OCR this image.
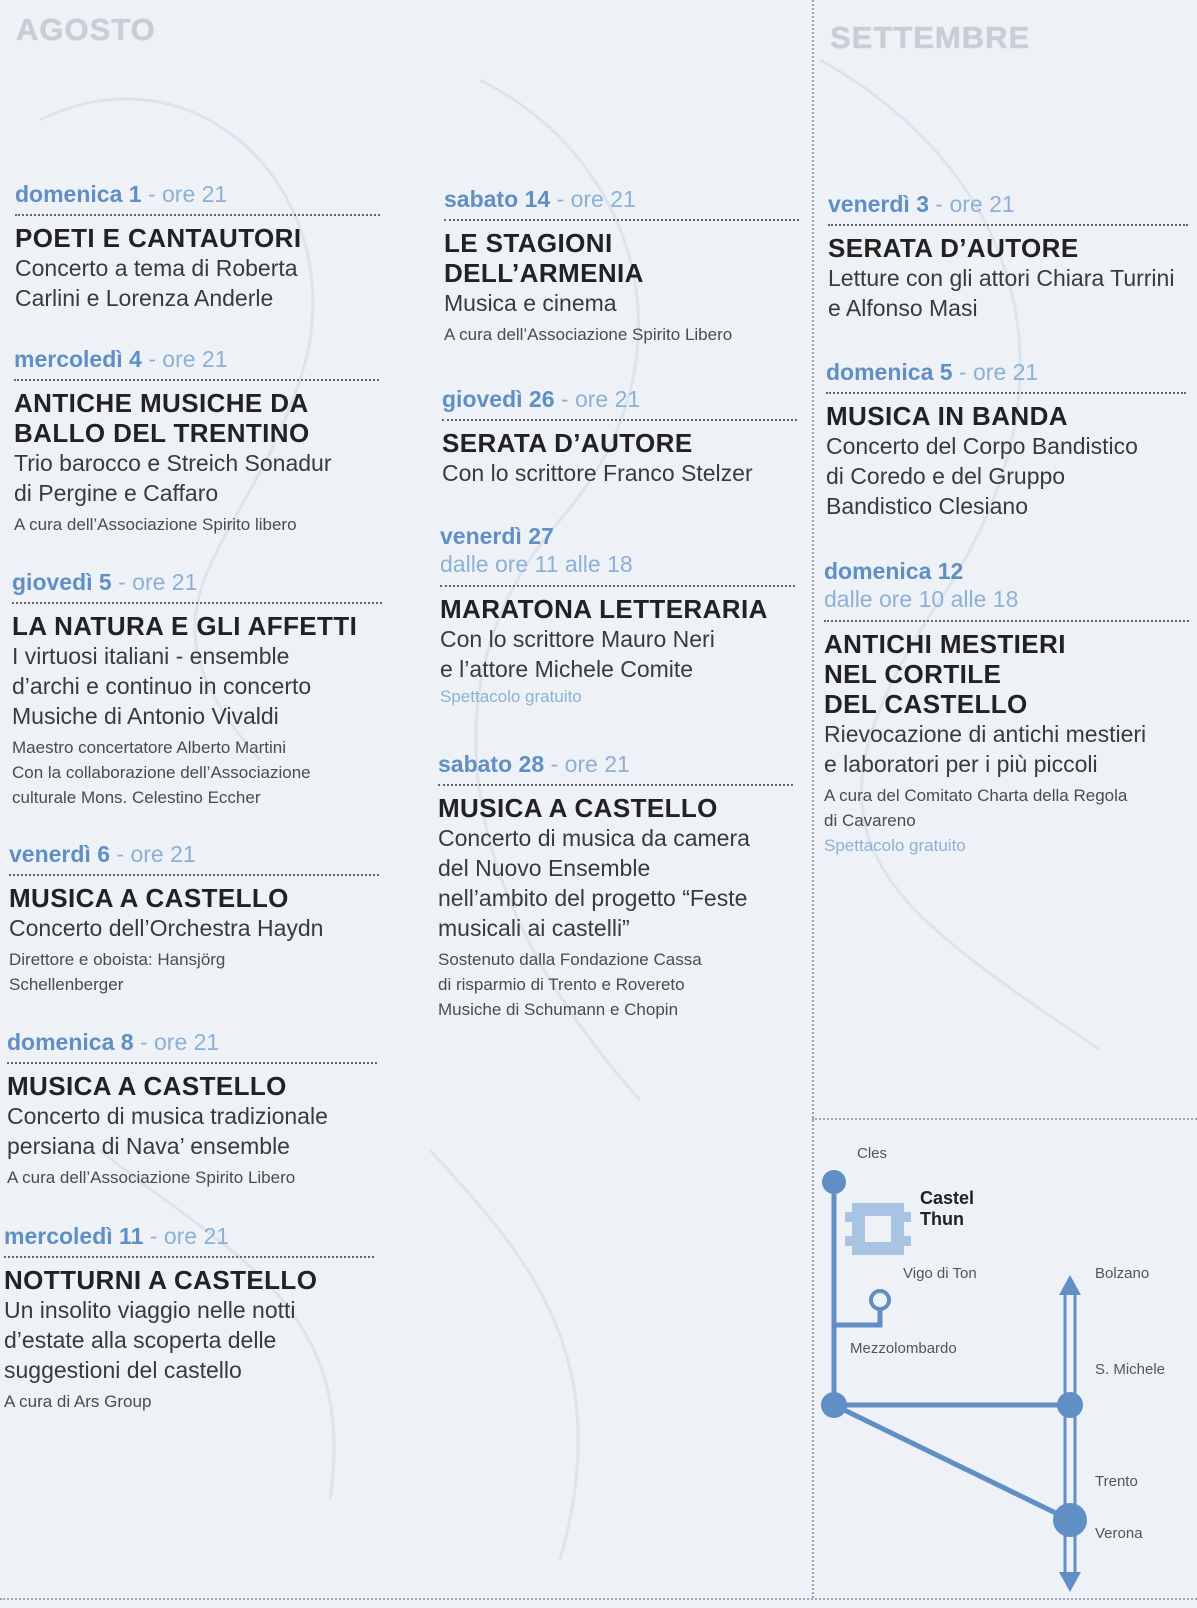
AGOSTO	SETTEMBRE
domenica 1 - ore 21
POETI E CANTAUTORI
Concerto a tema di Roberta
Carlini e Lorenza Anderle
mercoledì 4 - ore 21
ANTICHE MUSICHE DA
BALLO DEL TRENTINO
Trio barocco e Streich Sonadur
di Pergine e Caffaro
A cura dell’Associazione Spirito libero
giovedì 5 - ore 21
LA NATURA E GLI AFFETTI
I virtuosi italiani - ensemble
d’archi e continuo in concerto
Musiche di Antonio Vivaldi
Maestro concertatore Alberto Martini
Con la collaborazione dell’Associazione
culturale Mons. Celestino Eccher
venerdì 6 - ore 21
MUSICA A CASTELLO
Concerto dell’Orchestra Haydn
Direttore e oboista: Hansjörg
Schellenberger
domenica 8 - ore 21
MUSICA A CASTELLO
Concerto di musica tradizionale
persiana di Nava’ ensemble
A cura dell’Associazione Spirito Libero
mercoledì 11 - ore 21
NOTTURNI A CASTELLO
Un insolito viaggio nelle notti
d’estate alla scoperta delle
suggestioni del castello
A cura di Ars Group
sabato 14 - ore 21
LE STAGIONI
DELL’ARMENIA
Musica e cinema
A cura dell’Associazione Spirito Libero
giovedì 26 - ore 21
SERATA D’AUTORE
Con lo scrittore Franco Stelzer
venerdì 27
dalle ore 11 alle 18
MARATONA LETTERARIA
Con lo scrittore Mauro Neri
e l’attore Michele Comite
Spettacolo gratuito
sabato 28 - ore 21
MUSICA A CASTELLO
Concerto di musica da camera
del Nuovo Ensemble
nell’ambito del progetto “Feste
musicali ai castelli”
Sostenuto dalla Fondazione Cassa
di risparmio di Trento e Rovereto
Musiche di Schumann e Chopin
venerdì 3 - ore 21
SERATA D’AUTORE
Letture con gli attori Chiara Turrini
e Alfonso Masi
domenica 5 - ore 21
MUSICA IN BANDA
Concerto del Corpo Bandistico
di Coredo e del Gruppo
Bandistico Clesiano
domenica 12
dalle ore 10 alle 18
ANTICHI MESTIERI
NEL CORTILE
DEL CASTELLO
Rievocazione di antichi mestieri
e laboratori per i più piccoli
A cura del Comitato Charta della Regola
di Cavareno
Spettacolo gratuito
Cles
Castel
Thun
Vigo di Ton	Bolzano
Mezzolombardo
S. Michele
Trento
Verona
